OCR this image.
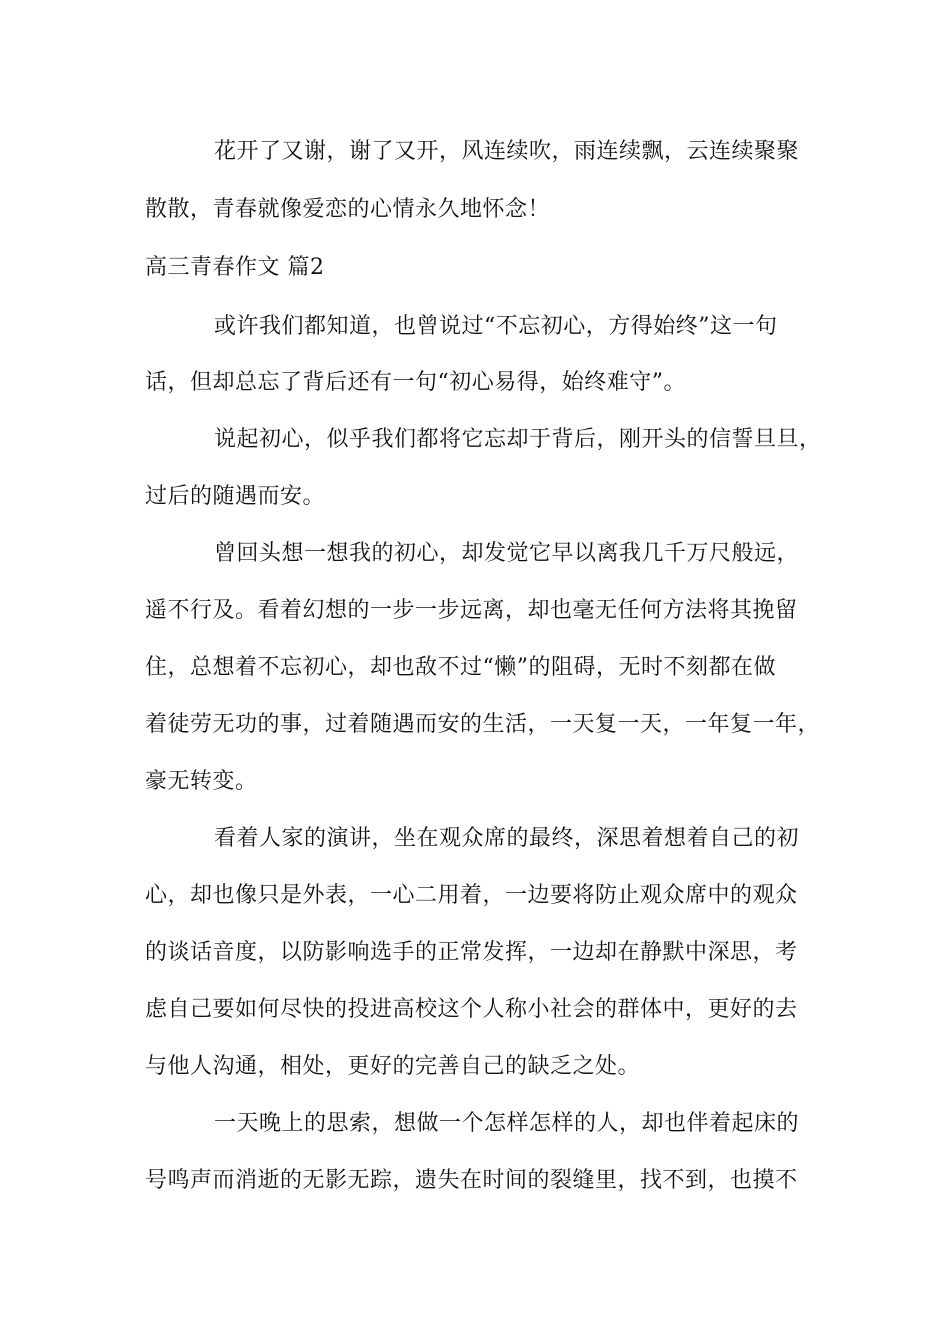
花开了又谢，谢了又开，风连续吹，雨连续飘，云连续聚聚
散散，青春就像爱恋的心情永久地怀念！
高三青春作文 篇2
或许我们都知道，也曾说过“不忘初心，方得始终”这一句
话，但却总忘了背后还有一句“初心易得，始终难守”。
说起初心，似乎我们都将它忘却于背后，刚开头的信誓旦旦，
过后的随遇而安。
曾回头想一想我的初心，却发觉它早以离我几千万尺般远，
遥不行及。看着幻想的一步一步远离，却也毫无任何方法将其挽留
住，总想着不忘初心，却也敌不过“懒”的阻碍，无时不刻都在做
着徒劳无功的事，过着随遇而安的生活，一天复一天，一年复一年，
豪无转变。
看着人家的演讲，坐在观众席的最终，深思着想着自己的初
心，却也像只是外表，一心二用着，一边要将防止观众席中的观众
的谈话音度，以防影响选手的正常发挥，一边却在静默中深思，考
虑自己要如何尽快的投进高校这个人称小社会的群体中，更好的去
与他人沟通，相处，更好的完善自己的缺乏之处。
一天晚上的思索，想做一个怎样怎样的人，却也伴着起床的
号鸣声而消逝的无影无踪，遗失在时间的裂缝里，找不到，也摸不
